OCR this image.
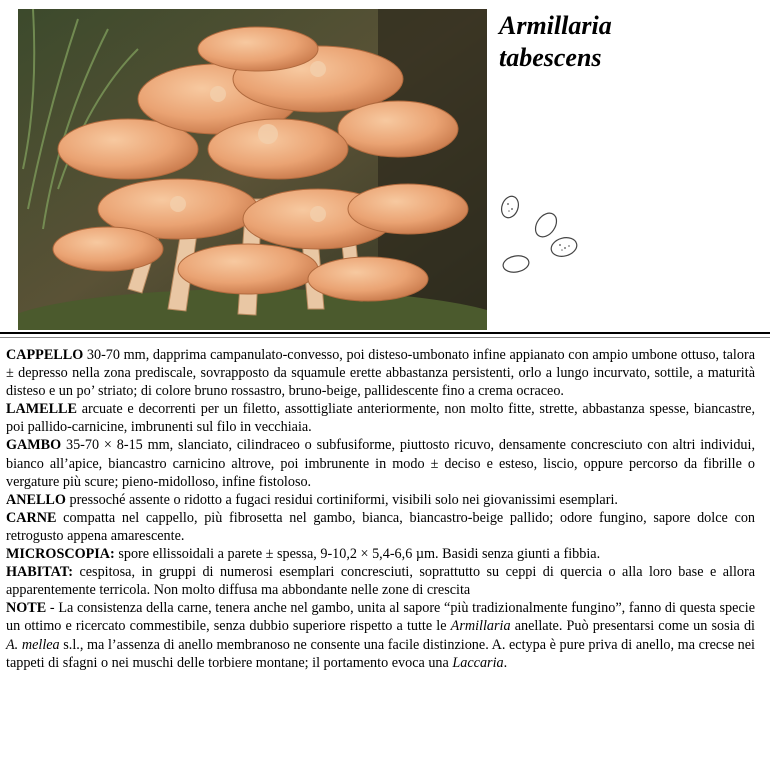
Armillaria
tabescens

CAPPELLO 30-70 mm, dapprima campanulato-convesso, poi disteso-umbonato infine appianato con ampio umbone ottuso, talora ± depresso nella zona prediscale, sovrapposto da squamule erette abbastanza persistenti, orlo a lungo incurvato, sottile, a maturità disteso e un po’ striato; di colore bruno rossastro, bruno-beige, pallidescente fino a crema ocraceo.

LAMELLE arcuate e decorrenti per un filetto, assottigliate anteriormente, non molto fitte, strette, abbastanza spesse, biancastre, poi pallido-carnicine, imbrunenti sul filo in vecchiaia.

GAMBO 35-70 × 8-15 mm, slanciato, cilindraceo o subfusiforme, piuttosto ricuvo, densamente concresciuto con altri individui, bianco all’apice, biancastro carnicino altrove, poi imbrunente in modo ± deciso e esteso, liscio, oppure percorso da fibrille o vergature più scure; pieno-midolloso, infine fistoloso.

ANELLO pressoché assente o ridotto a fugaci residui cortiniformi, visibili solo nei giovanissimi esemplari.

CARNE compatta nel cappello, più fibrosetta nel gambo, bianca, biancastro-beige pallido; odore fungino, sapore dolce con retrogusto appena amarescente.

MICROSCOPIA: spore ellissoidali a parete ± spessa, 9-10,2 × 5,4-6,6 µm. Basidi senza giunti a fibbia.

HABITAT: cespitosa, in gruppi di numerosi esemplari concresciuti, soprattutto su ceppi di quercia o alla loro base e allora apparentemente terricola. Non molto diffusa ma abbondante nelle zone di crescita

NOTE - La consistenza della carne, tenera anche nel gambo, unita al sapore “più tradizionalmente fungino”, fanno di questa specie un ottimo e ricercato commestibile, senza dubbio superiore rispetto a tutte le Armillaria anellate. Può presentarsi come un sosia di A. mellea s.l., ma l’assenza di anello membranoso ne consente una facile distinzione. A. ectypa è pure priva di anello, ma crecse nei tappeti di sfagni o nei muschi delle torbiere montane; il portamento evoca una Laccaria.
